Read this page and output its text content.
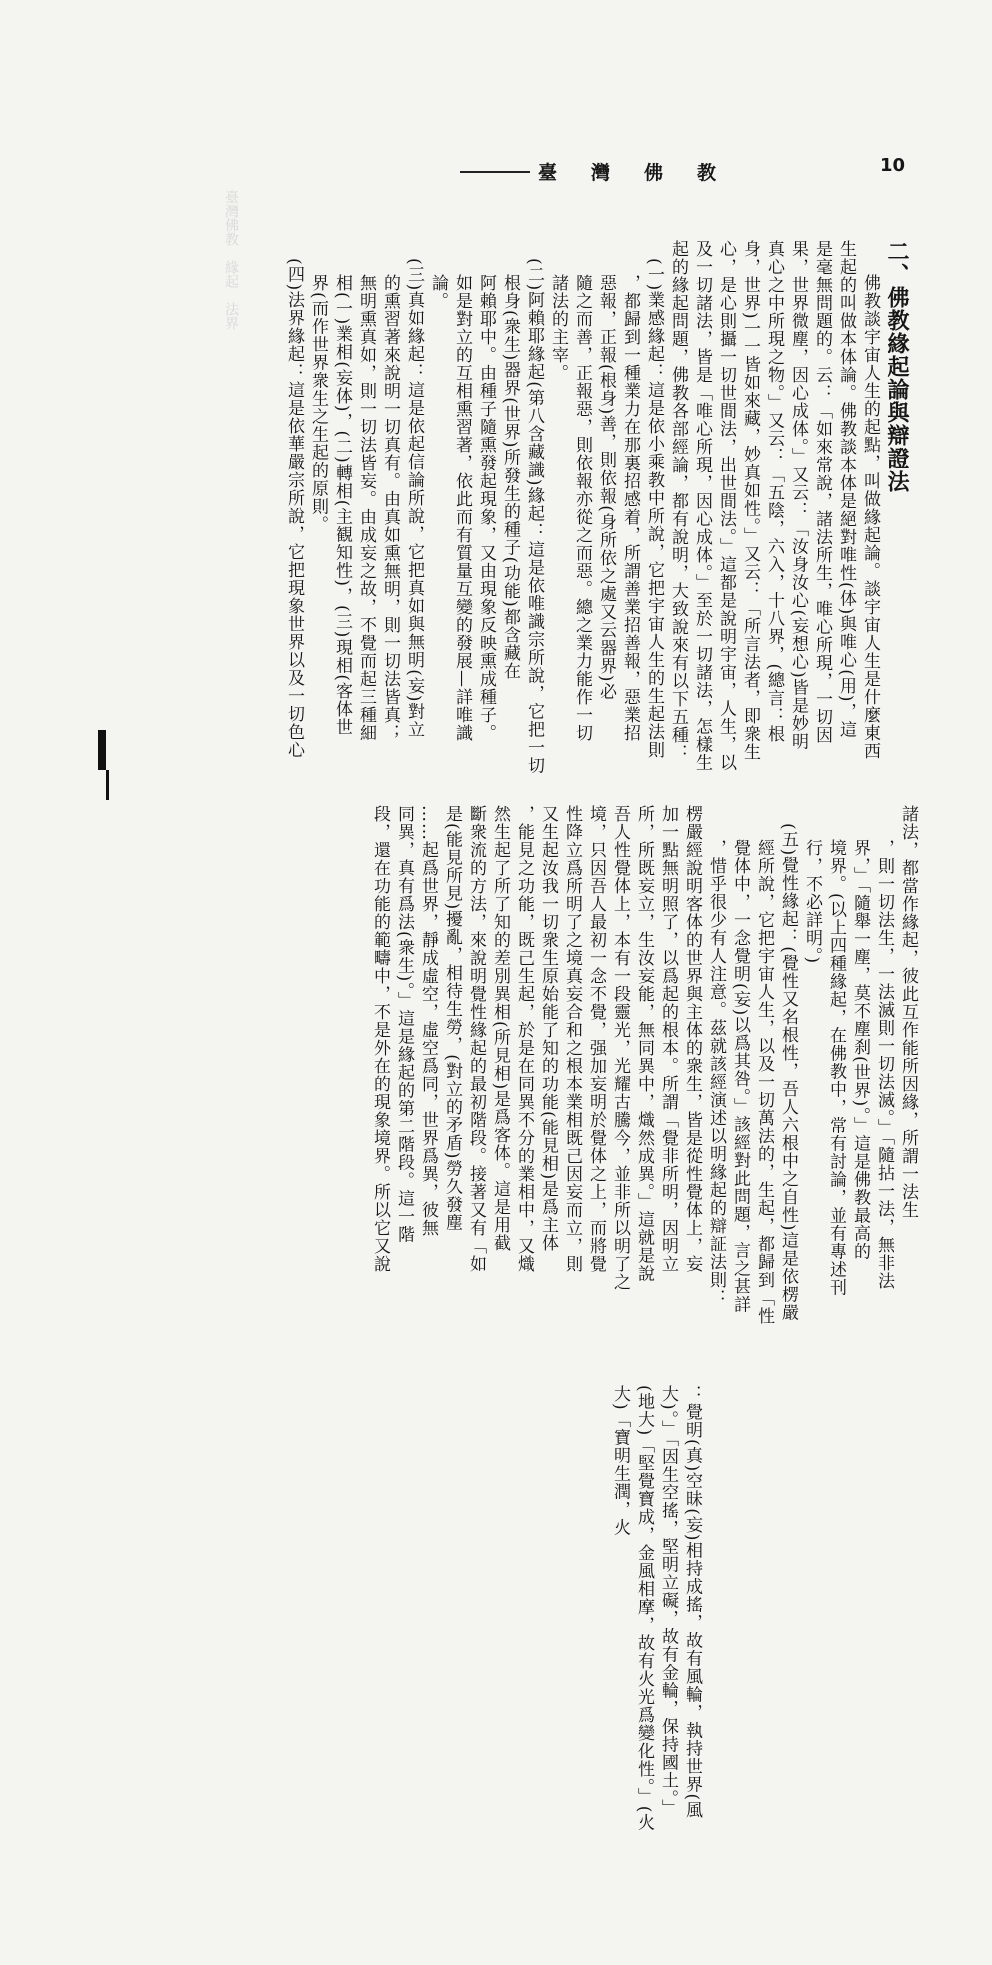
10
臺灣佛教
臺灣佛教　緣起　法界	二、佛教緣起論與辯證法
佛教談宇宙人生的起點，叫做緣起論。談宇宙人生是什麼東西
生起的叫做本体論。佛教談本体是絕對唯性(体)與唯心(用)，這
是毫無問題的。云：「如來常說，諸法所生，唯心所現，一切因
果，世界微塵，因心成体。」又云：「汝身汝心(妄想心)皆是妙明
真心之中所現之物。」又云：「五陰，六入，十八界，(總言：根
身，世界)一一皆如來藏，妙真如性。」又云：「所言法者，即衆生
心，是心則攝一切世間法，出世間法。」這都是說明宇宙，人生，以
及一切諸法，皆是「唯心所現，因心成体。」至於一切諸法，怎樣生
起的緣起問題，佛教各部經論，都有說明，大致說來有以下五種：
(一)業感緣起：這是依小乘教中所說，它把宇宙人生的生起法則
，都歸到一種業力在那裏招感着，所謂善業招善報，惡業招
惡報，正報(根身)善，則依報(身所依之處又云器界)必
隨之而善，正報惡，則依報亦從之而惡。總之業力能作一切
諸法的主宰。
(二)阿賴耶緣起(第八含藏識)緣起：這是依唯識宗所說，它把一切
根身(衆生)器界(世界)所發生的種子(功能)都含藏在
阿賴耶中。由種子隨熏發起現象，又由現象反映熏成種子。
如是對立的互相熏習著，依此而有質量互變的發展—詳唯識
論。
(三)真如緣起：這是依起信論所說，它把真如與無明(妄)對立
的熏習著來說明一切真有。由真如熏無明，則一切法皆真；
無明熏真如，則一切法皆妄。由成妄之故，不覺而起三種細
相(一)業相(妄体)，(二)轉相(主観知性)，(三)現相(客体世
界(而作世界衆生之生起的原則。
(四)法界緣起：這是依華嚴宗所說，它把現象世界以及一切色心
諸法，都當作緣起，彼此互作能所因緣，所謂一法生
，則一切法生，一法滅則一切法滅。」「隨拈一法，無非法
界，」「隨舉一塵，莫不塵刹(世界)。」這是佛教最高的
境界。(以上四種緣起，在佛教中，常有討論，並有專述刊
行，不必詳明。)
(五)覺性緣起：(覺性又名根性，吾人六根中之自性)這是依楞嚴
經所說，它把宇宙人生，以及一切萬法的，生起，都歸到「性
覺体中，一念覺明(妄)以爲其咎。」該經對此問題，言之甚詳
，惜乎很少有人注意。茲就該經演述以明緣起的辯証法則：
楞嚴經說明客体的世界與主体的衆生，皆是從性覺体上，妄
加一點無明照了，以爲起的根本。所謂「覺非所明，因明立
所，所既妄立，生汝妄能，無同異中，熾然成異。」這就是說
吾人性覺体上，本有一段靈光，光耀古騰今，並非所以明了之
境，只因吾人最初一念不覺，强加妄明於覺体之上，而將覺
性降立爲所明了之境真妄合和之根本業相既己因妄而立，則
又生起汝我一切衆生原始能了知的功能(能見相)是爲主体
，能見之功能，既己生起，於是在同異不分的業相中，又熾
然生起了所了知的差別異相(所見相)是爲客体。這是用截
斷衆流的方法，來說明覺性緣起的最初階段。接著又有「如
是(能見所見)擾亂，相待生勞，(對立的矛盾)勞久發塵
……起爲世界，靜成虛空，虛空爲同，世界爲異，彼無
同異，真有爲法(衆生)。」這是緣起的第二階段。這一階
段，還在功能的範疇中，不是外在的現象境界。所以它又說
：覺明(真)空昧(妄)相持成搖，故有風輪，執持世界(風
大)。」「因生空搖，堅明立礙，故有金輪，保持國土。」
(地大)「堅覺寶成，金風相摩，故有火光爲變化性。」(火
大)「寶明生潤，火
